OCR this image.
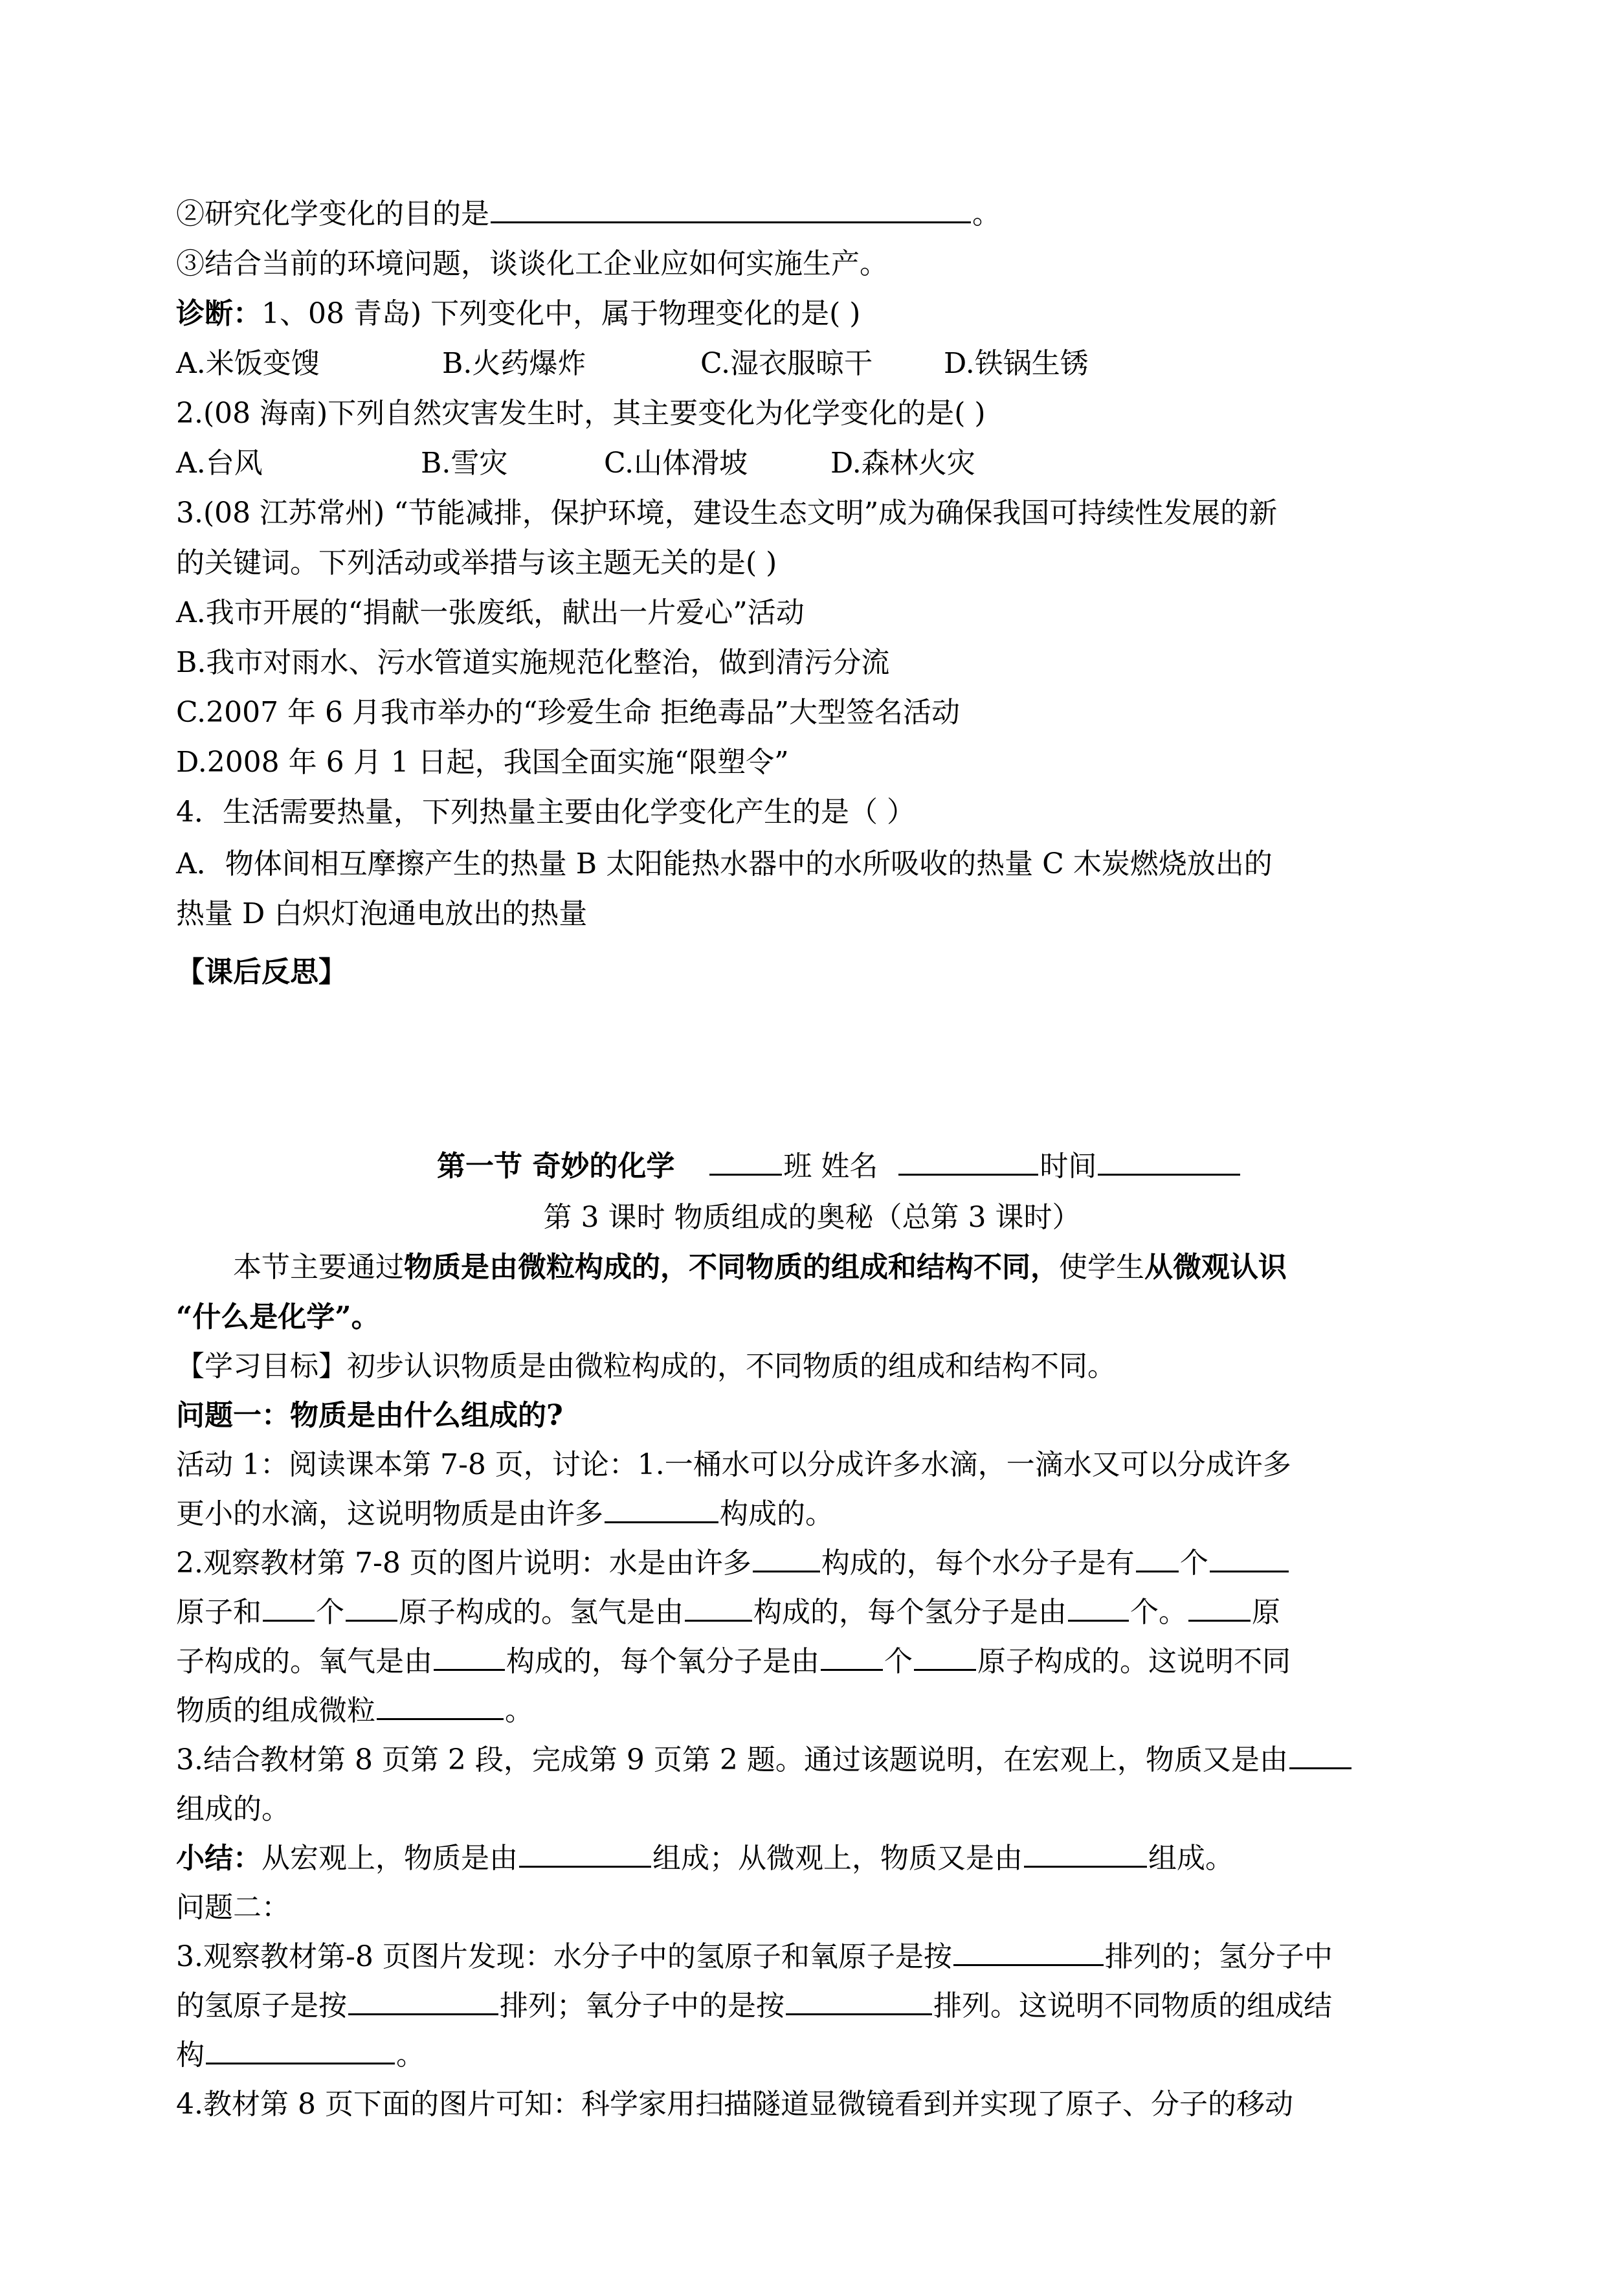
②研究化学变化的目的是	。
③结合当前的环境问题，谈谈化工企业应如何实施生产。
诊断：1、08 青岛) 下列变化中，属于物理变化的是( )
A.米饭变馊	B.火药爆炸	C.湿衣服晾干 D.铁锅生锈
2.(08 海南)下列自然灾害发生时，其主要变化为化学变化的是( )
A.台风	B.雪灾	C.山体滑坡	D.森林火灾
3.(08 江苏常州) “节能减排，保护环境，建设生态文明”成为确保我国可持续性发展的新
的关键词。下列活动或举措与该主题无关的是( )
A.我市开展的“捐献一张废纸，献出一片爱心”活动
B.我市对雨水、污水管道实施规范化整治，做到清污分流
C.2007 年 6 月我市举办的“珍爱生命 拒绝毒品”大型签名活动
D.2008 年 6 月 1 日起，我国全面实施“限塑令”
4．生活需要热量，下列热量主要由化学变化产生的是（ ）
A．物体间相互摩擦产生的热量 B 太阳能热水器中的水所吸收的热量 C 木炭燃烧放出的
热量 D 白炽灯泡通电放出的热量
【课后反思】
第一节 奇妙的化学	班 姓名	时间
第 3 课时 物质组成的奥秘（总第 3 课时）
本节主要通过物质是由微粒构成的，不同物质的组成和结构不同，使学生从微观认识
“什么是化学”。
【学习目标】初步认识物质是由微粒构成的，不同物质的组成和结构不同。
问题一：物质是由什么组成的?
活动 1：阅读课本第 7-8 页，讨论：1.一桶水可以分成许多水滴，一滴水又可以分成许多
更小的水滴，这说明物质是由许多	构成的。
2.观察教材第 7-8 页的图片说明：水是由许多 构成的，每个水分子是有 个
原子和 个 原子构成的。氢气是由 构成的，每个氢分子是由 个。 原
子构成的。氧气是由	构成的，每个氧分子是由 个 原子构成的。这说明不同
物质的组成微粒	。
3.结合教材第 8 页第 2 段，完成第 9 页第 2 题。通过该题说明，在宏观上，物质又是由
组成的。
小结：从宏观上，物质是由	组成；从微观上，物质又是由	组成。
问题二：
3.观察教材第-8 页图片发现：水分子中的氢原子和氧原子是按	排列的；氢分子中
的氢原子是按	排列；氧分子中的是按	排列。这说明不同物质的组成结
构	。
4.教材第 8 页下面的图片可知：科学家用扫描隧道显微镜看到并实现了原子、分子的移动
